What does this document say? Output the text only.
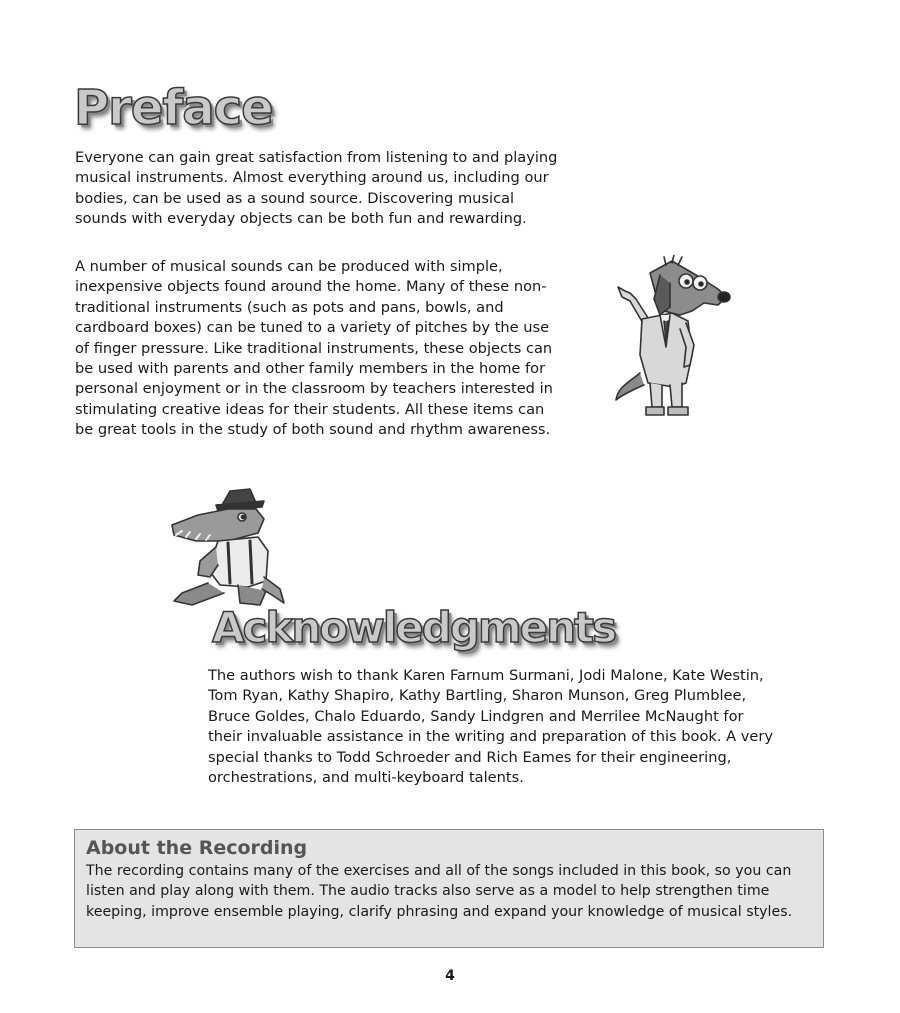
Preface

Everyone can gain great satisfaction from listening to and playing musical instruments. Almost everything around us, including our bodies, can be used as a sound source. Discovering musical sounds with everyday objects can be both fun and rewarding.

A number of musical sounds can be produced with simple, inexpensive objects found around the home. Many of these non-traditional instruments (such as pots and pans, bowls, and cardboard boxes) can be tuned to a variety of pitches by the use of finger pressure. Like traditional instruments, these objects can be used with parents and other family members in the home for personal enjoyment or in the classroom by teachers interested in stimulating creative ideas for their students. All these items can be great tools in the study of both sound and rhythm awareness.

Acknowledgments

The authors wish to thank Karen Farnum Surmani, Jodi Malone, Kate Westin, Tom Ryan, Kathy Shapiro, Kathy Bartling, Sharon Munson, Greg Plumblee, Bruce Goldes, Chalo Eduardo, Sandy Lindgren and Merrilee McNaught for their invaluable assistance in the writing and preparation of this book. A very special thanks to Todd Schroeder and Rich Eames for their engineering, orchestrations, and multi-keyboard talents.

About the Recording

The recording contains many of the exercises and all of the songs included in this book, so you can listen and play along with them. The audio tracks also serve as a model to help strengthen time keeping, improve ensemble playing, clarify phrasing and expand your knowledge of musical styles.

4
